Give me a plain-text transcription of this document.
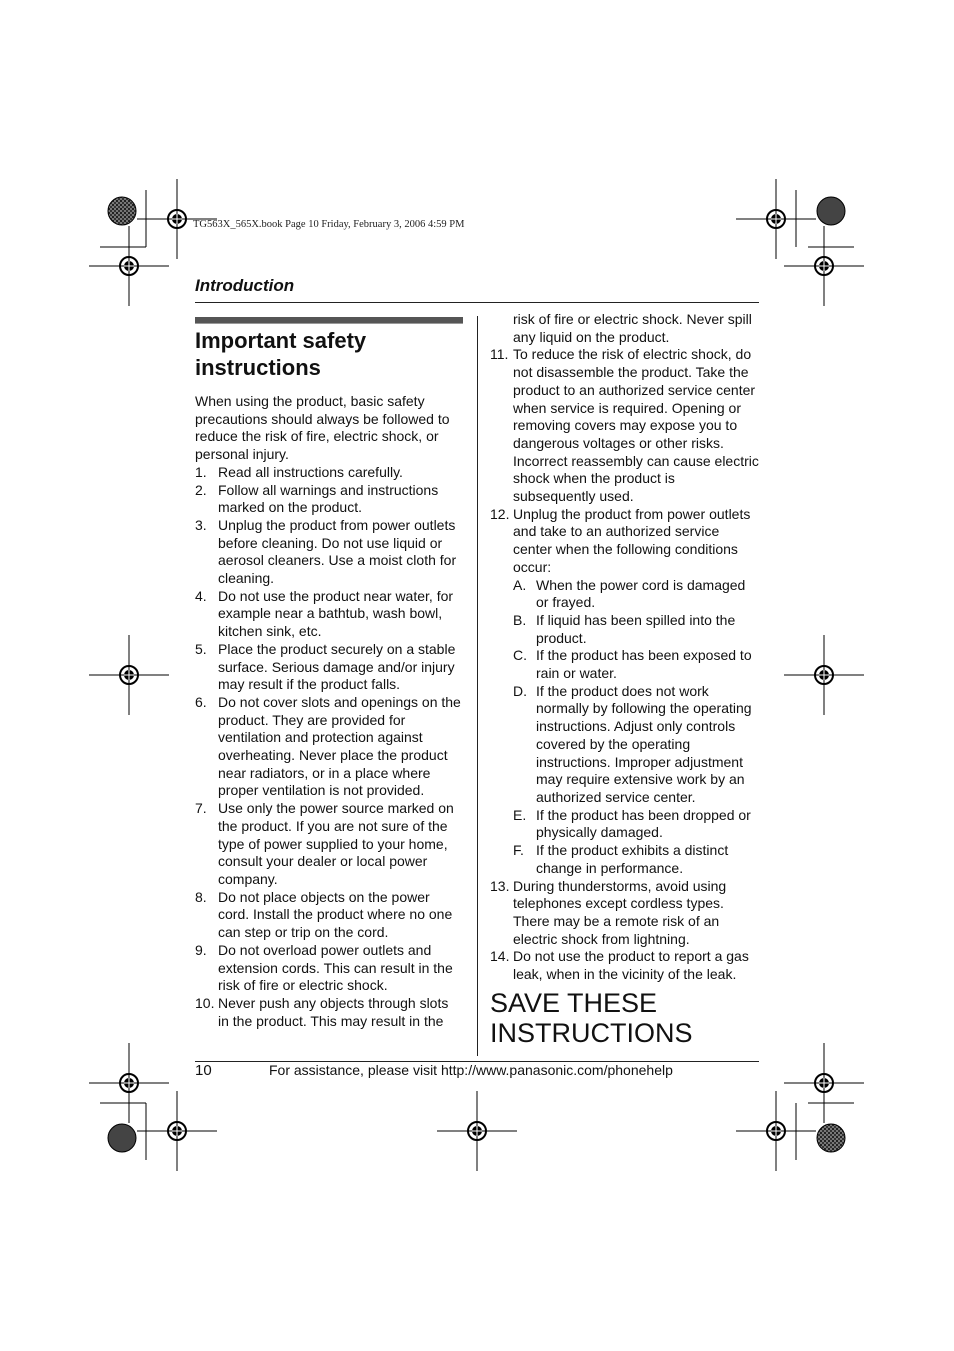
TG563X_565X.book Page 10 Friday, February 3, 2006 4:59 PM
Introduction
Important safety instructions

When using the product, basic safety precautions should always be followed to reduce the risk of fire, electric shock, or personal injury.

1. Read all instructions carefully.
2. Follow all warnings and instructions marked on the product.
3. Unplug the product from power outlets before cleaning. Do not use liquid or aerosol cleaners. Use a moist cloth for cleaning.
4. Do not use the product near water, for example near a bathtub, wash bowl, kitchen sink, etc.
5. Place the product securely on a stable surface. Serious damage and/or injury may result if the product falls.
6. Do not cover slots and openings on the product. They are provided for ventilation and protection against overheating. Never place the product near radiators, or in a place where proper ventilation is not provided.
7. Use only the power source marked on the product. If you are not sure of the type of power supplied to your home, consult your dealer or local power company.
8. Do not place objects on the power cord. Install the product where no one can step or trip on the cord.
9. Do not overload power outlets and extension cords. This can result in the risk of fire or electric shock.
10. Never push any objects through slots in the product. This may result in the

risk of fire or electric shock. Never spill any liquid on the product.

11. To reduce the risk of electric shock, do not disassemble the product. Take the product to an authorized service center when service is required. Opening or removing covers may expose you to dangerous voltages or other risks. Incorrect reassembly can cause electric shock when the product is subsequently used.
12. Unplug the product from power outlets and take to an authorized service center when the following conditions occur:
A. When the power cord is damaged or frayed.
B. If liquid has been spilled into the product.
C. If the product has been exposed to rain or water.
D. If the product does not work normally by following the operating instructions. Adjust only controls covered by the operating instructions. Improper adjustment may require extensive work by an authorized service center.
E. If the product has been dropped or physically damaged.
F. If the product exhibits a distinct change in performance.
13. During thunderstorms, avoid using telephones except cordless types. There may be a remote risk of an electric shock from lightning.
14. Do not use the product to report a gas leak, when in the vicinity of the leak.
SAVE THESE INSTRUCTIONS
10	For assistance, please visit http://www.panasonic.com/phonehelp
